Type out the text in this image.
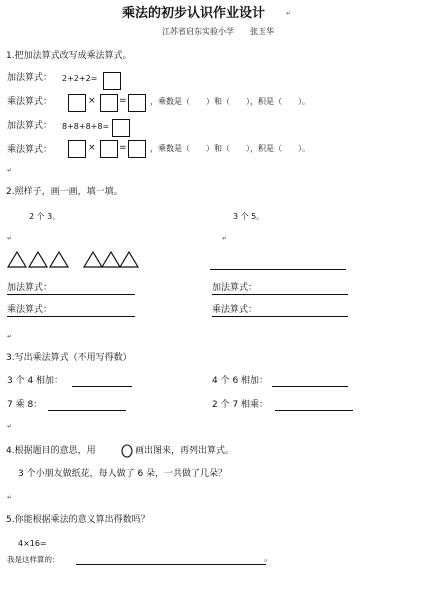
乘法的初步认识作业设计	↵
江苏省启东实验小学　　张玉华
1.把加法算式改写成乘法算式。
加法算式： 2+2+2=
乘法算式：	×	=	，乘数是（　　）和（　　），积是（　　）。
加法算式： 8+8+8+8=
乘法算式：	×	=	，乘数是（　　）和（　　），积是（　　）。
↵
2.照样子，画一画，填一填。
2 个 3。	3 个 5。
↵	↵
加法算式：	加法算式：
乘法算式：	乘法算式：
↵
3.写出乘法算式（不用写得数）
3 个 4 相加：	4 个 6 相加：
7 乘 8：	2 个 7 相乘：
↵
4.根据题目的意思，用	画出图来，再列出算式。
3 个小朋友做纸花，每人做了 6 朵，一共做了几朵？
↵
5.你能根据乘法的意义算出得数吗？
4×16=
我是这样算的：	。
